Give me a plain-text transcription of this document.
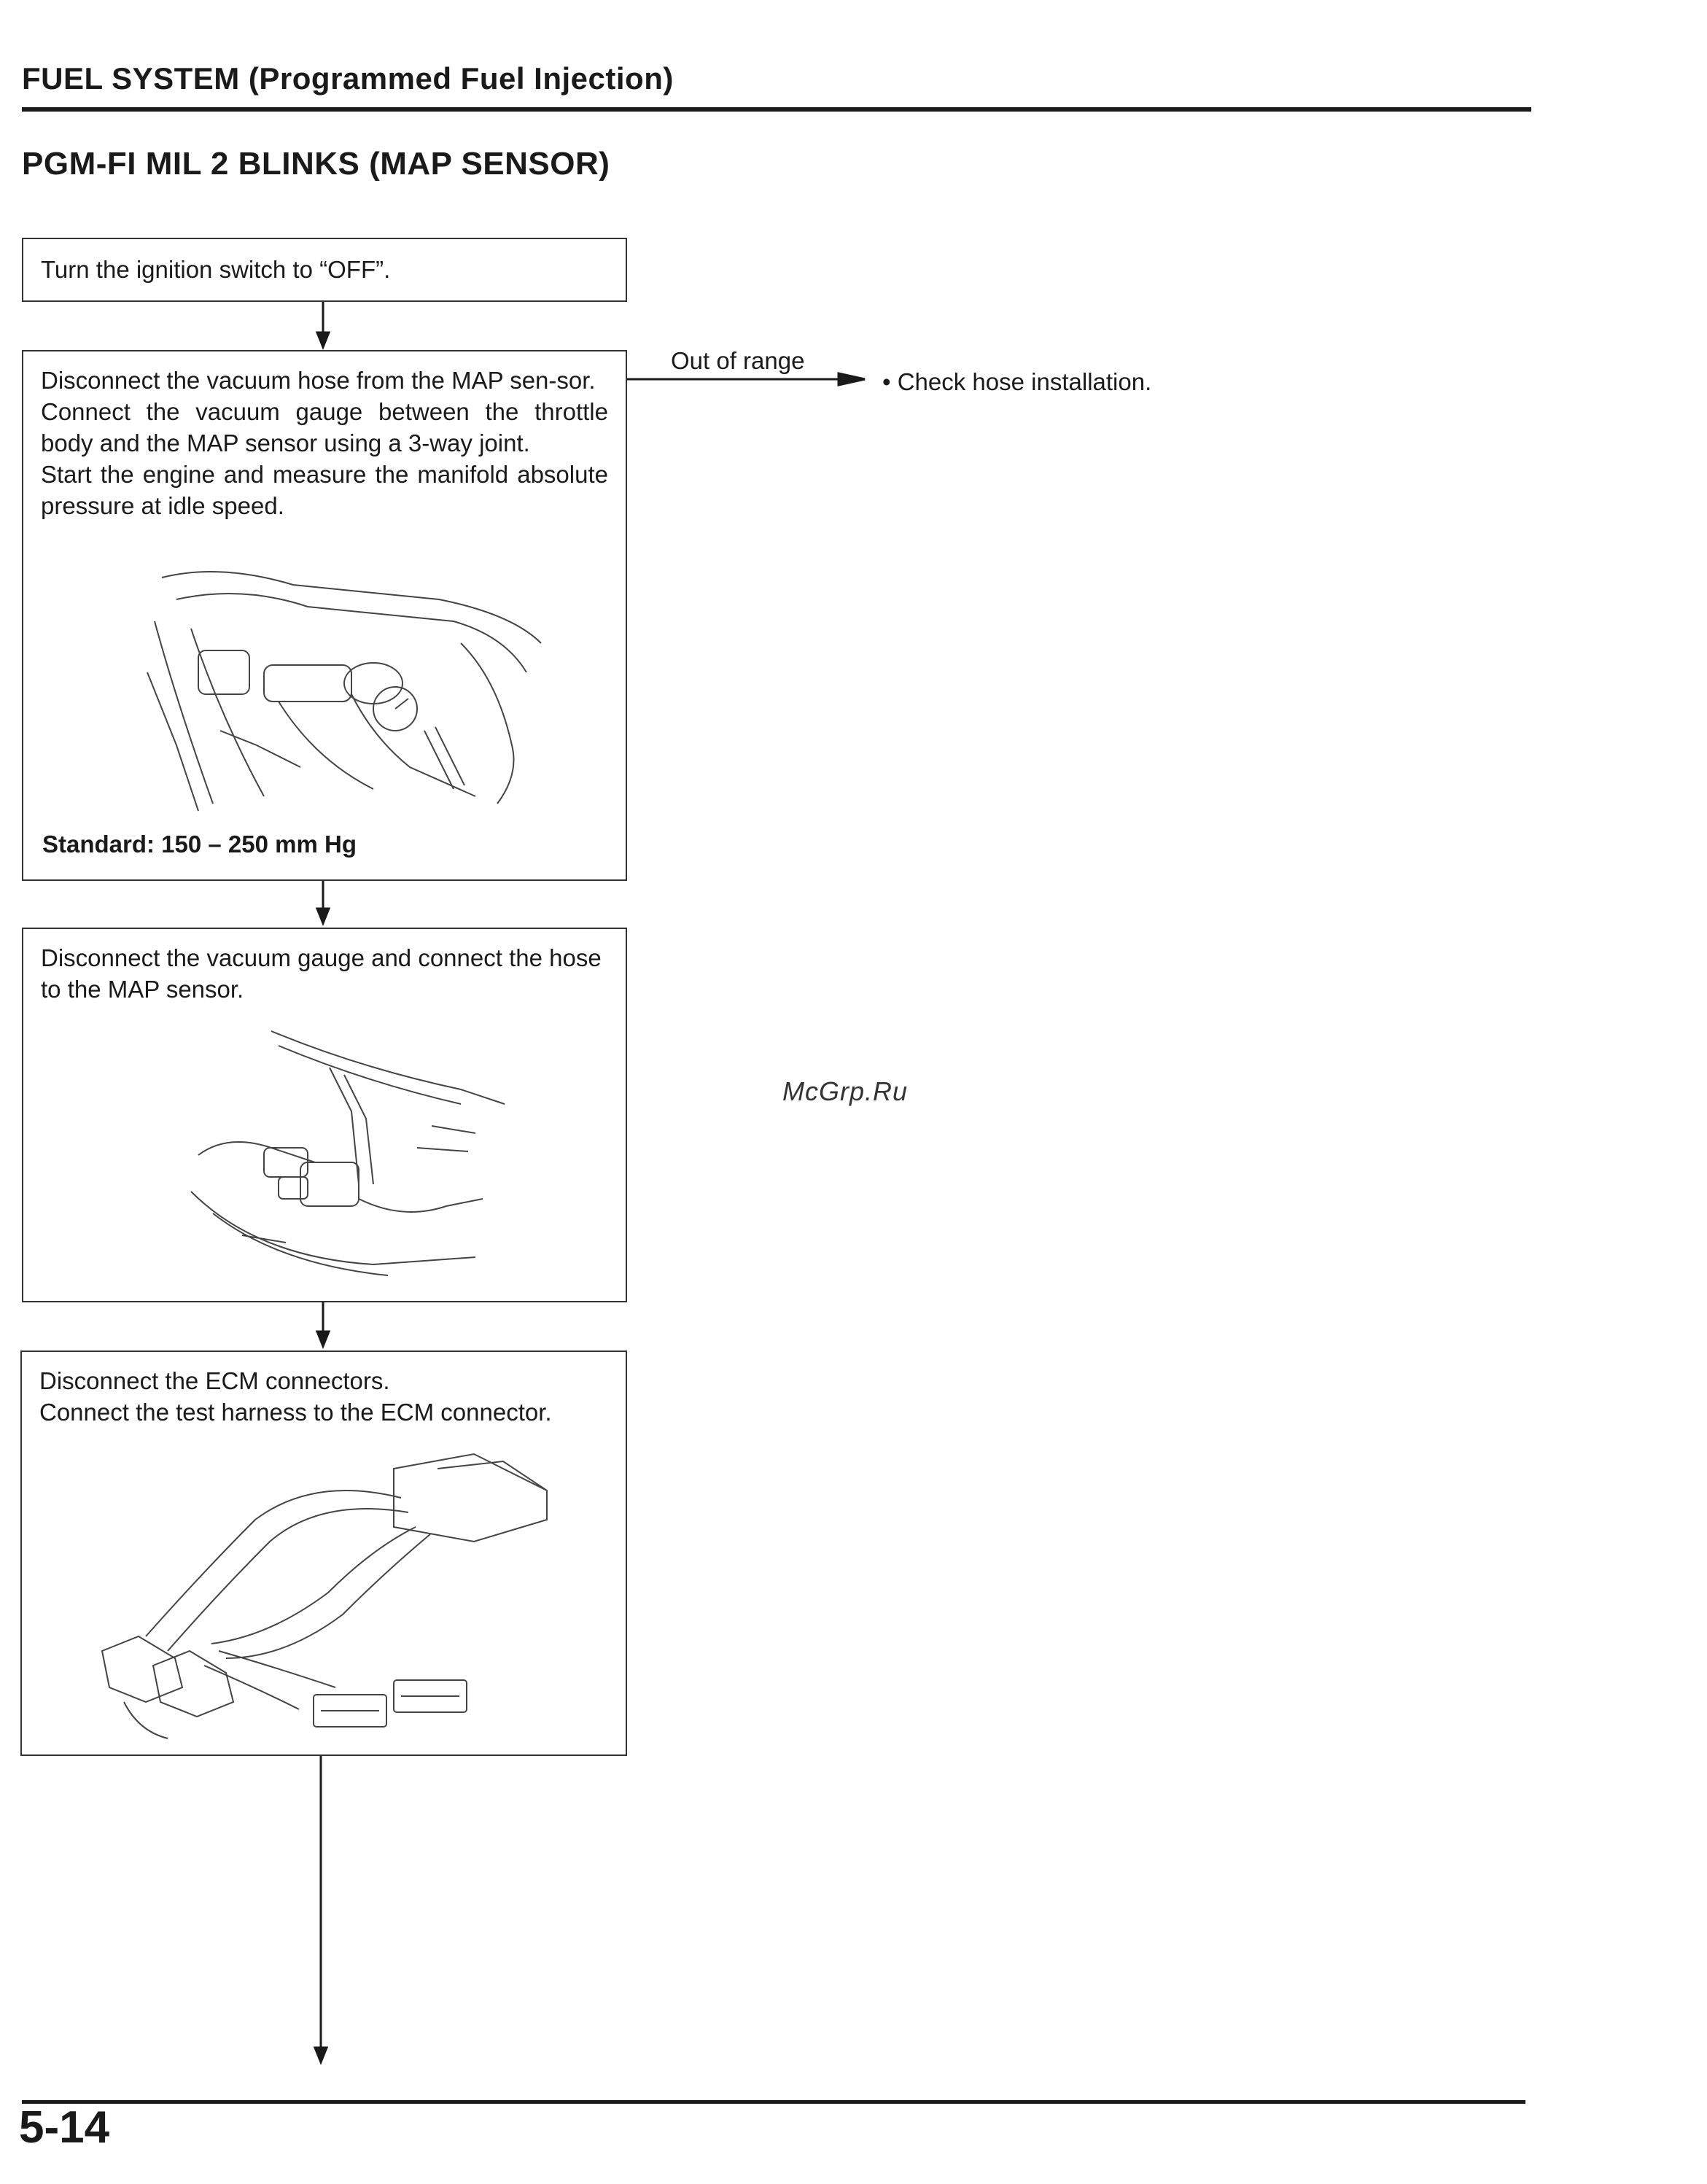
FUEL SYSTEM (Programmed Fuel Injection)
PGM-FI MIL 2 BLINKS (MAP SENSOR)

Turn the ignition switch to “OFF”.

Disconnect the vacuum hose from the MAP sen-sor.

Connect the vacuum gauge between the throttle body and the MAP sensor using a 3-way joint.

Start the engine and measure the manifold absolute pressure at idle speed.

Standard: 150 – 250 mm Hg

Out of range
• Check hose installation.

Disconnect the vacuum gauge and connect the hose to the MAP sensor.

Disconnect the ECM connectors.

Connect the test harness to the ECM connector.

McGrp.Ru
5-14
